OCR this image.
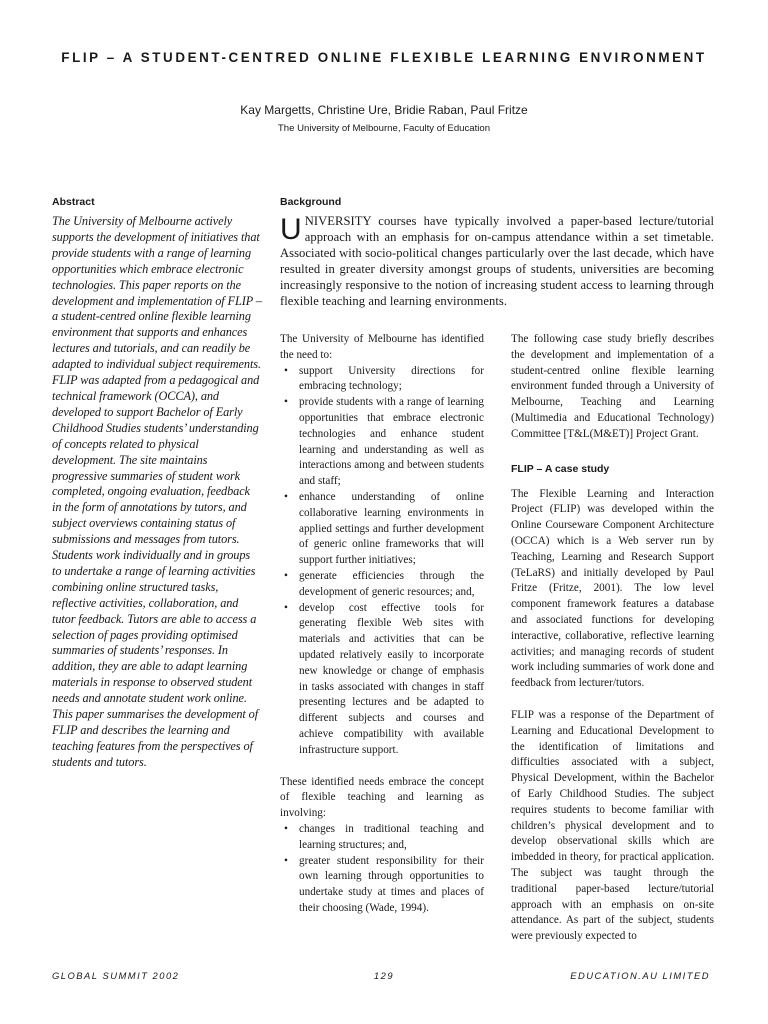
FLIP – A STUDENT-CENTRED ONLINE FLEXIBLE LEARNING ENVIRONMENT
Kay Margetts, Christine Ure, Bridie Raban, Paul Fritze
The University of Melbourne, Faculty of Education
Abstract

The University of Melbourne actively supports the development of initiatives that provide students with a range of learning opportunities which embrace electronic technologies. This paper reports on the development and implementation of FLIP – a student-centred online flexible learning environment that supports and enhances lectures and tutorials, and can readily be adapted to individual subject requirements. FLIP was adapted from a pedagogical and technical framework (OCCA), and developed to support Bachelor of Early Childhood Studies students’ understanding of concepts related to physical development. The site maintains progressive summaries of student work completed, ongoing evaluation, feedback in the form of annotations by tutors, and subject overviews containing status of submissions and messages from tutors. Students work individually and in groups to undertake a range of learning activities combining online structured tasks, reflective activities, collaboration, and tutor feedback. Tutors are able to access a selection of pages providing optimised summaries of students’ responses. In addition, they are able to adapt learning materials in response to observed student needs and annotate student work online. This paper summarises the development of FLIP and describes the learning and teaching features from the perspectives of students and tutors.

Background

UNIVERSITY courses have typically involved a paper-based lecture/tutorial approach with an emphasis for on-campus attendance within a set timetable. Associated with socio-political changes particularly over the last decade, which have resulted in greater diversity amongst groups of students, universities are becoming increasingly responsive to the notion of increasing student access to learning through flexible teaching and learning environments.

The University of Melbourne has identified the need to:

• support University directions for embracing technology;
• provide students with a range of learning opportunities that embrace electronic technologies and enhance student learning and understanding as well as interactions among and between students and staff;
• enhance understanding of online collaborative learning environments in applied settings and further development of generic online frameworks that will support further initiatives;
• generate efficiencies through the development of generic resources; and,
• develop cost effective tools for generating flexible Web sites with materials and activities that can be updated relatively easily to incorporate new knowledge or change of emphasis in tasks associated with changes in staff presenting lectures and be adapted to different subjects and courses and achieve compatibility with available infrastructure support.

These identified needs embrace the concept of flexible teaching and learning as involving:

• changes in traditional teaching and learning structures; and,
• greater student responsibility for their own learning through opportunities to undertake study at times and places of their choosing (Wade, 1994).

The following case study briefly describes the development and implementation of a student-centred online flexible learning environment funded through a University of Melbourne, Teaching and Learning (Multimedia and Educational Technology) Committee [T&L(M&ET)] Project Grant.

FLIP – A case study

The Flexible Learning and Interaction Project (FLIP) was developed within the Online Courseware Component Architecture (OCCA) which is a Web server run by Teaching, Learning and Research Support (TeLaRS) and initially developed by Paul Fritze (Fritze, 2001). The low level component framework features a database and associated functions for developing interactive, collaborative, reflective learning activities; and managing records of student work including summaries of work done and feedback from lecturer/tutors.

FLIP was a response of the Department of Learning and Educational Development to the identification of limitations and difficulties associated with a subject, Physical Development, within the Bachelor of Early Childhood Studies. The subject requires students to become familiar with children’s physical development and to develop observational skills which are imbedded in theory, for practical application. The subject was taught through the traditional paper-based lecture/tutorial approach with an emphasis on on-site attendance. As part of the subject, students were previously expected to

GLOBAL SUMMIT 2002	129	EDUCATION.AU LIMITED
